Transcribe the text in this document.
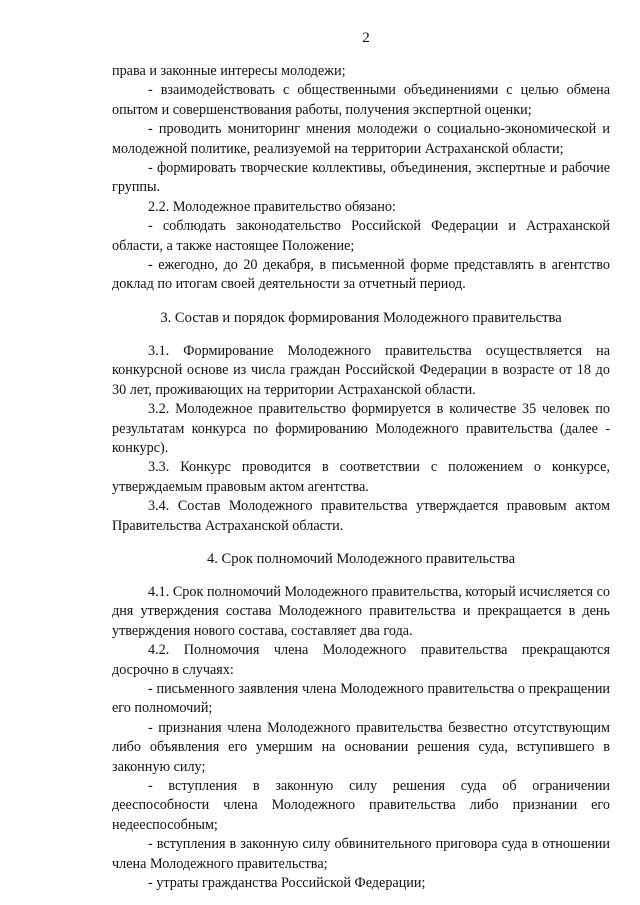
2

права и законные интересы молодежи;

- взаимодействовать с общественными объединениями с целью обмена опытом и совершенствования работы, получения экспертной оценки;

- проводить мониторинг мнения молодежи о социально-экономической и молодежной политике, реализуемой на территории Астраханской области;

- формировать творческие коллективы, объединения, экспертные и рабочие группы.

2.2. Молодежное правительство обязано:

- соблюдать законодательство Российской Федерации и Астраханской области, а также настоящее Положение;

- ежегодно, до 20 декабря, в письменной форме представлять в агентство доклад по итогам своей деятельности за отчетный период.

3. Состав и порядок формирования Молодежного правительства

3.1. Формирование Молодежного правительства осуществляется на конкурсной основе из числа граждан Российской Федерации в возрасте от 18 до 30 лет, проживающих на территории Астраханской области.

3.2. Молодежное правительство формируется в количестве 35 человек по результатам конкурса по формированию Молодежного правительства (далее - конкурс).

3.3. Конкурс проводится в соответствии с положением о конкурсе, утверждаемым правовым актом агентства.

3.4. Состав Молодежного правительства утверждается правовым актом Правительства Астраханской области.

4. Срок полномочий Молодежного правительства

4.1. Срок полномочий Молодежного правительства, который исчисляется со дня утверждения состава Молодежного правительства и прекращается в день утверждения нового состава, составляет два года.

4.2. Полномочия члена Молодежного правительства прекращаются досрочно в случаях:

- письменного заявления члена Молодежного правительства о прекращении его полномочий;

- признания члена Молодежного правительства безвестно отсутствующим либо объявления его умершим на основании решения суда, вступившего в законную силу;

- вступления в законную силу решения суда об ограничении дееспособности члена Молодежного правительства либо признании его недееспособным;

- вступления в законную силу обвинительного приговора суда в отношении члена Молодежного правительства;

- утраты гражданства Российской Федерации;
